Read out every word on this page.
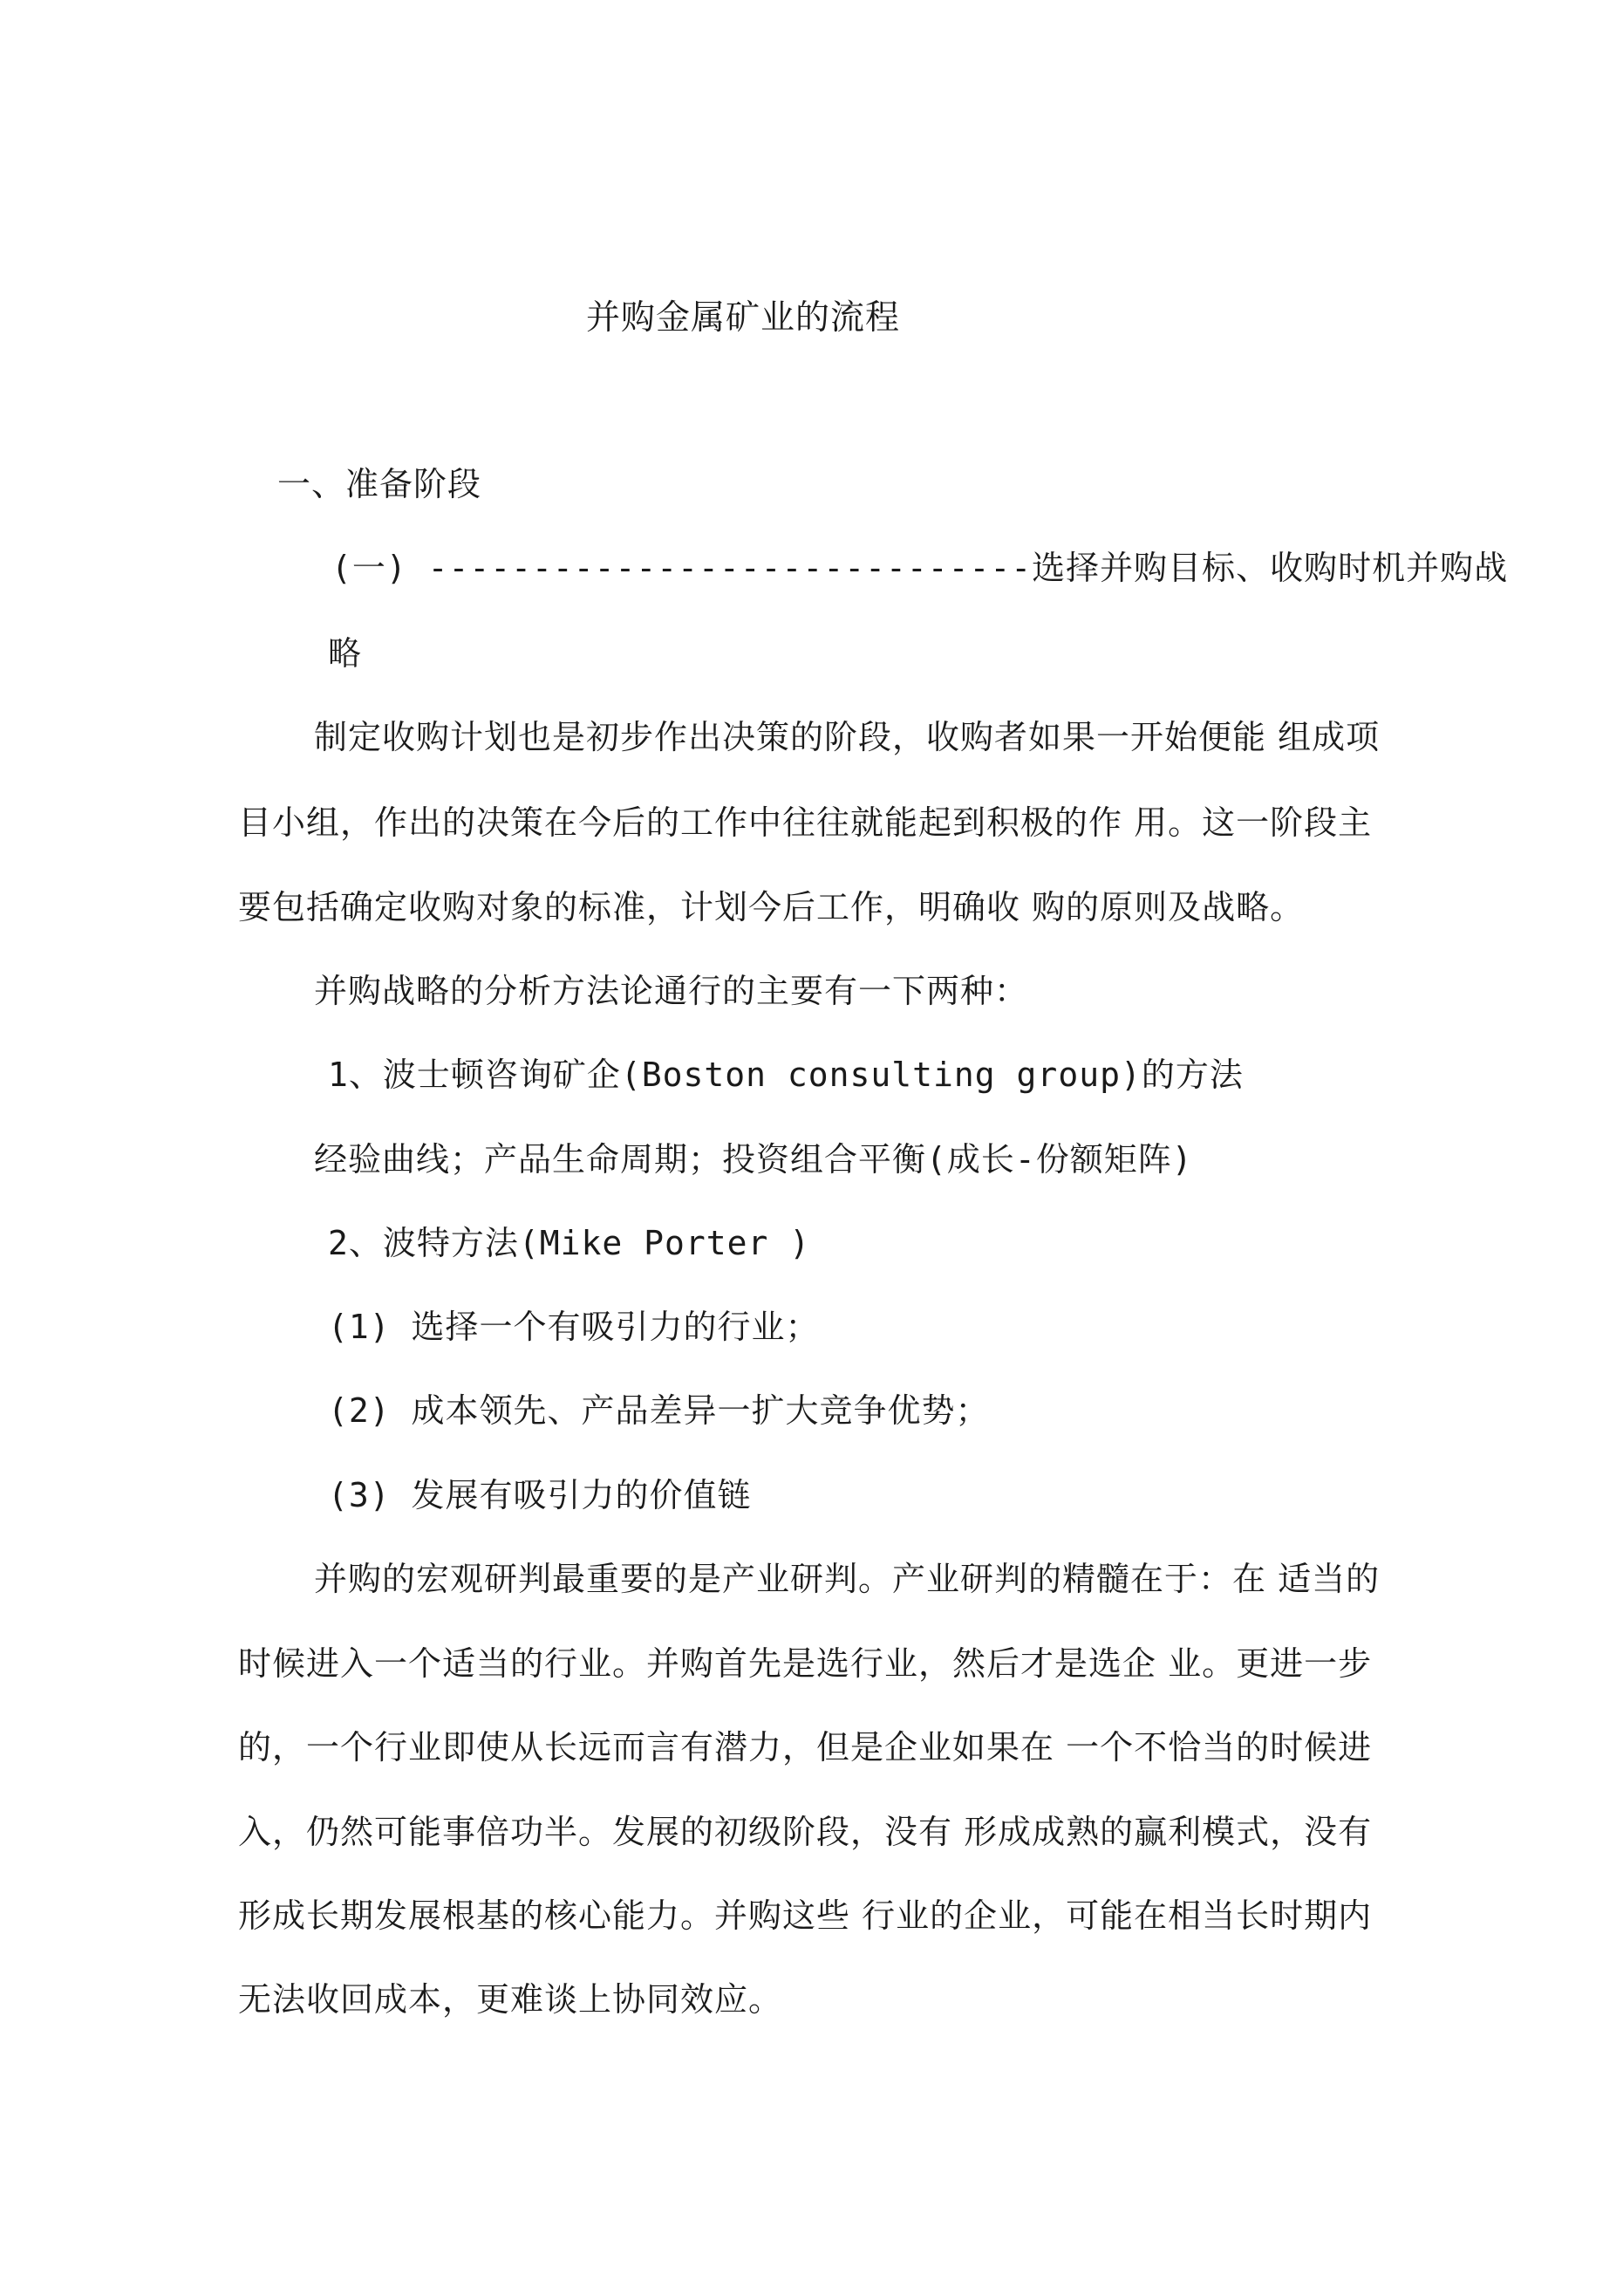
并购金属矿业的流程
一、准备阶段
(一) -----------------------------选择并购目标、收购时机并购战
略
制定收购计划也是初步作出决策的阶段，收购者如果一开始便能 组成项
目小组，作出的决策在今后的工作中往往就能起到积极的作 用。这一阶段主
要包括确定收购对象的标准，计划今后工作，明确收 购的原则及战略。
并购战略的分析方法论通行的主要有一下两种：
1、波士顿咨询矿企(Boston consulting group)的方法
经验曲线；产品生命周期；投资组合平衡(成长-份额矩阵)
2、波特方法(Mike Porter )
(1) 选择一个有吸引力的行业；
(2) 成本领先、产品差异一扩大竞争优势；
(3) 发展有吸引力的价值链
并购的宏观研判最重要的是产业研判。产业研判的精髓在于：在 适当的
时候进入一个适当的行业。并购首先是选行业，然后才是选企 业。更进一步
的，一个行业即使从长远而言有潜力，但是企业如果在 一个不恰当的时候进
入，仍然可能事倍功半。发展的初级阶段，没有 形成成熟的赢利模式，没有
形成长期发展根基的核心能力。并购这些 行业的企业，可能在相当长时期内
无法收回成本，更难谈上协同效应。
